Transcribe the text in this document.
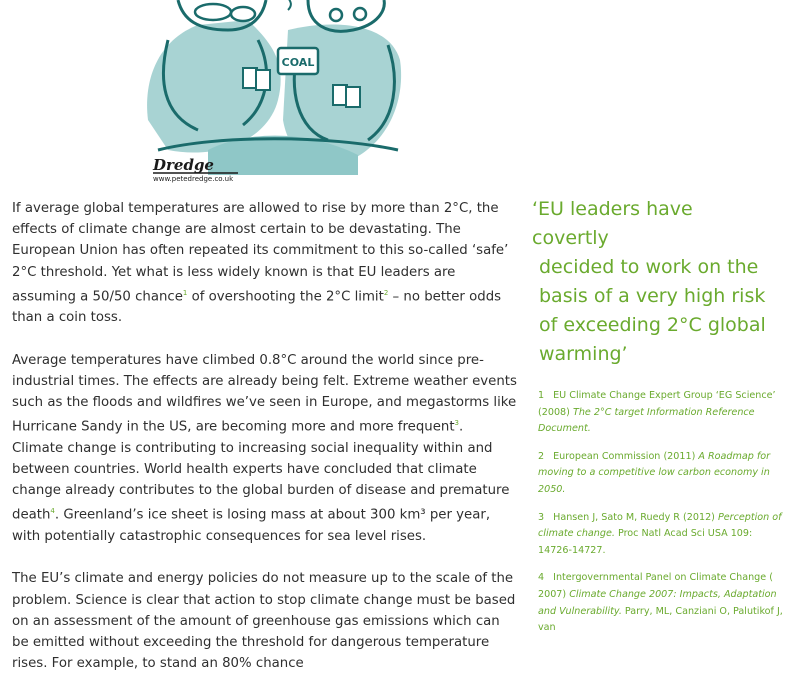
COAL
Dredge
www.petedredge.co.uk

If average global temperatures are allowed to rise by more than 2°C, the effects of climate change are almost certain to be devastating. The European Union has often repeated its commitment to this so-called ‘safe’ 2°C threshold. Yet what is less widely known is that EU leaders are assuming a 50/50 chance$^1$ of overshooting the 2°C limit$^2$ – no better odds than a coin toss.

Average temperatures have climbed 0.8°C around the world since pre-industrial times. The effects are already being felt. Extreme weather events such as the floods and wildfires we’ve seen in Europe, and megastorms like Hurricane Sandy in the US, are becoming more and more frequent$^3$. Climate change is contributing to increasing social inequality within and between countries. World health experts have concluded that climate change already contributes to the global burden of disease and premature death$^4$. Greenland’s ice sheet is losing mass at about 300 km³ per year, with potentially catastrophic consequences for sea level rises.

The EU’s climate and energy policies do not measure up to the scale of the problem. Science is clear that action to stop climate change must be based on an assessment of the amount of greenhouse gas emissions which can be emitted without exceeding the threshold for dangerous temperature rises. For example, to stand an 80% chance

‘EU leaders have covertly
decided to work on the
basis of a very high risk
of exceeding 2°C global
warming’
1 EU Climate Change Expert Group ‘EG Science’ (2008) The 2°C target Information Reference Document.
2 European Commission (2011) A Roadmap for moving to a competitive low carbon economy in 2050.
3 Hansen J, Sato M, Ruedy R (2012) Perception of climate change. Proc Natl Acad Sci USA 109: 14726-14727.
4 Intergovernmental Panel on Climate Change ( 2007) Climate Change 2007: Impacts, Adaptation and Vulnerability. Parry, ML, Canziani O, Palutikof J, van
